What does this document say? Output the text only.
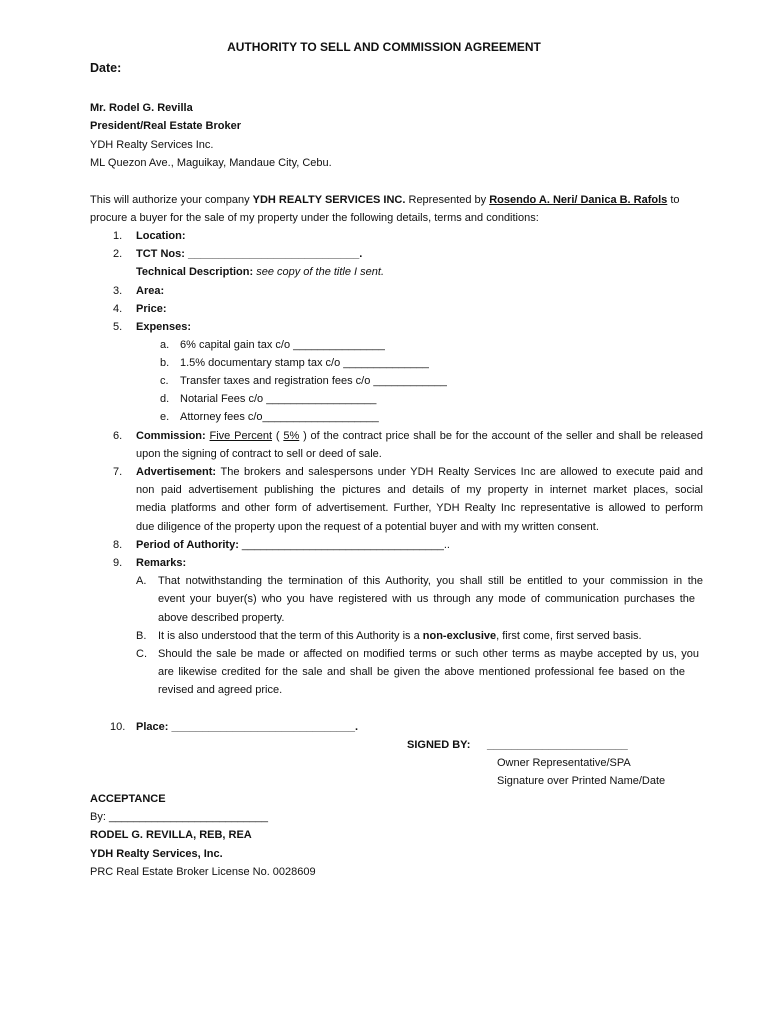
AUTHORITY TO SELL AND COMMISSION AGREEMENT
Date:
Mr. Rodel G. Revilla
President/Real Estate Broker
YDH Realty Services Inc.
ML Quezon Ave., Maguikay, Mandaue City, Cebu.
This will authorize your company YDH REALTY SERVICES INC. Represented by Rosendo A. Neri/ Danica B. Rafols to
procure a buyer for the sale of my property under the following details, terms and conditions:
1. Location:
2. TCT Nos: ____________________________.
Technical Description: see copy of the title I sent.
3. Area:
4. Price:
5. Expenses:
a. 6% capital gain tax c/o _______________
b. 1.5% documentary stamp tax c/o ______________
c. Transfer taxes and registration fees c/o ____________
d. Notarial Fees c/o __________________
e. Attorney fees c/o___________________
6. Commission: Five Percent ( 5% ) of the contract price shall be for the account of the seller and shall be released
upon the signing of contract to sell or deed of sale.
7. Advertisement: The brokers and salespersons under YDH Realty Services Inc are allowed to execute paid and
non paid advertisement publishing the pictures and details of my property in internet market places, social
media platforms and other form of advertisement. Further, YDH Realty Inc representative is allowed to perform
due diligence of the property upon the request of a potential buyer and with my written consent.
8. Period of Authority: _________________________________..
9. Remarks:
A. That notwithstanding the termination of this Authority, you shall still be entitled to your commission in the
event your buyer(s) who you have registered with us through any mode of communication purchases the
above described property.
B. It is also understood that the term of this Authority is a non-exclusive, first come, first served basis.
C. Should the sale be made or affected on modified terms or such other terms as maybe accepted by us, you
are likewise credited for the sale and shall be given the above mentioned professional fee based on the
revised and agreed price.
10. Place: ______________________________.
SIGNED BY: _______________________
Owner Representative/SPA
Signature over Printed Name/Date
ACCEPTANCE
By: __________________________
RODEL G. REVILLA, REB, REA
YDH Realty Services, Inc.
PRC Real Estate Broker License No. 0028609
